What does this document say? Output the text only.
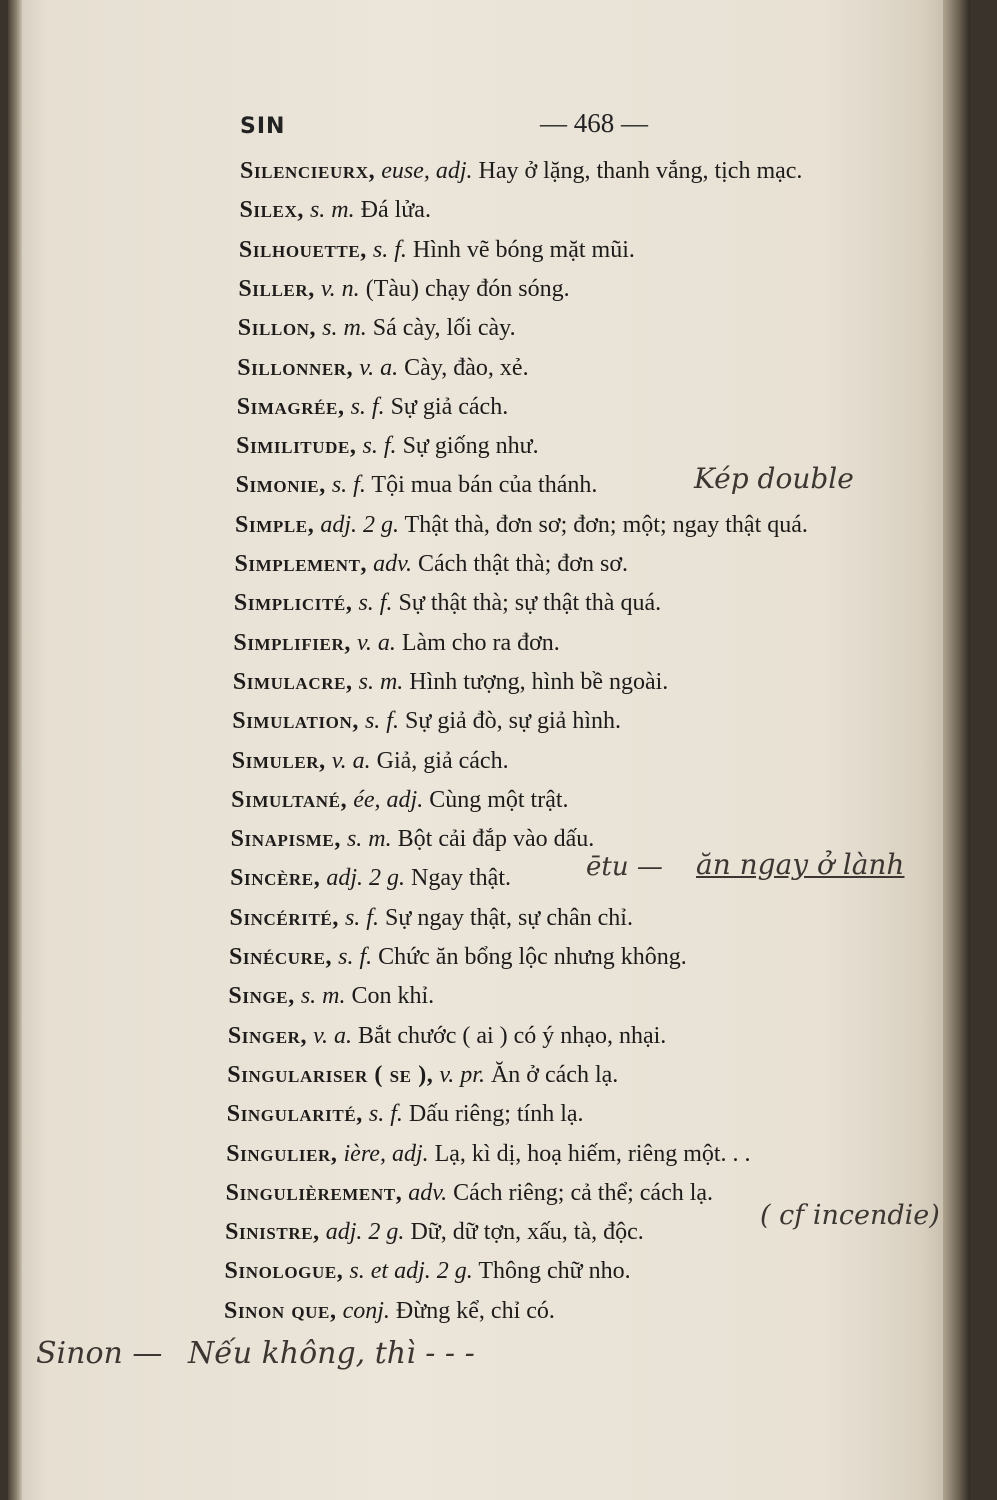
SIN	— 468 —
Silencieurx, euse, adj. Hay ở lặng, thanh vắng, tịch mạc.
Silex, s. m. Đá lửa.
Silhouette, s. f. Hình vẽ bóng mặt mũi.
Siller, v. n. (Tàu) chạy đón sóng.
Sillon, s. m. Sá cày, lối cày.
Sillonner, v. a. Cày, đào, xẻ.
Simagrée, s. f. Sự giả cách.
Similitude, s. f. Sự giống như.
Simonie, s. f. Tội mua bán của thánh.
Simple, adj. 2 g. Thật thà, đơn sơ; đơn; một; ngay thật quá.
Simplement, adv. Cách thật thà; đơn sơ.
Simplicité, s. f. Sự thật thà; sự thật thà quá.
Simplifier, v. a. Làm cho ra đơn.
Simulacre, s. m. Hình tượng, hình bề ngoài.
Simulation, s. f. Sự giả đò, sự giả hình.
Simuler, v. a. Giả, giả cách.
Simultané, ée, adj. Cùng một trật.
Sinapisme, s. m. Bột cải đắp vào dấu.
Sincère, adj. 2 g. Ngay thật.
Sincérité, s. f. Sự ngay thật, sự chân chỉ.
Sinécure, s. f. Chức ăn bổng lộc nhưng không.
Singe, s. m. Con khỉ.
Singer, v. a. Bắt chước ( ai ) có ý nhạo, nhại.
Singulariser ( se ), v. pr. Ăn ở cách lạ.
Singularité, s. f. Dấu riêng; tính lạ.
Singulier, ière, adj. Lạ, kì dị, hoạ hiếm, riêng một. . .
Singulièrement, adv. Cách riêng; cả thể; cách lạ.
Sinistre, adj. 2 g. Dữ, dữ tợn, xấu, tà, độc.
Sinologue, s. et adj. 2 g. Thông chữ nho.
Sinon que, conj. Đừng kể, chỉ có.
Kép double
ētu — ăn ngay ở lành
( cf incendie)
Sinon — Nếu không, thì - - -
